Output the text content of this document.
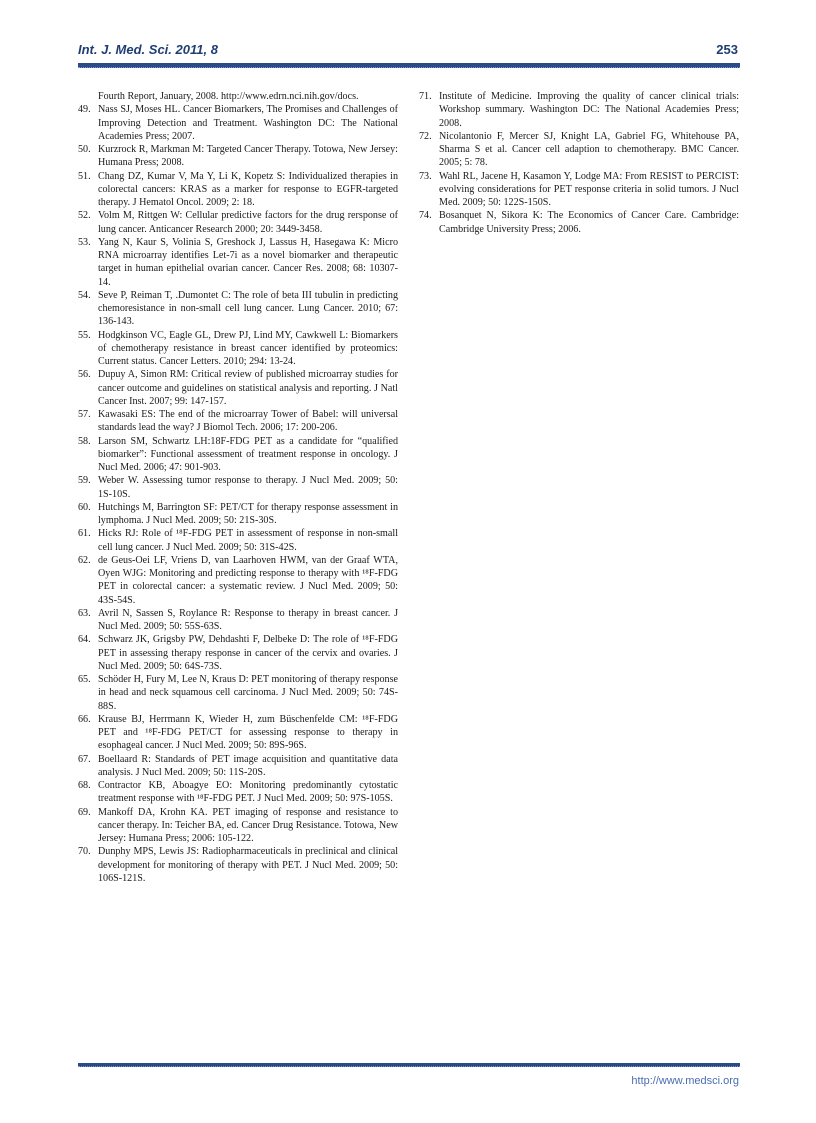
Int. J. Med. Sci. 2011, 8	253
Fourth Report, January, 2008. http://www.edrn.nci.nih.gov/docs.
49. Nass SJ, Moses HL. Cancer Biomarkers, The Promises and Challenges of Improving Detection and Treatment. Washington DC: The National Academies Press; 2007.
50. Kurzrock R, Markman M: Targeted Cancer Therapy. Totowa, New Jersey: Humana Press; 2008.
51. Chang DZ, Kumar V, Ma Y, Li K, Kopetz S: Individualized therapies in colorectal cancers: KRAS as a marker for response to EGFR-targeted therapy. J Hematol Oncol. 2009; 2: 18.
52. Volm M, Rittgen W: Cellular predictive factors for the drug rersponse of lung cancer. Anticancer Research 2000; 20: 3449-3458.
53. Yang N, Kaur S, Volinia S, Greshock J, Lassus H, Hasegawa K: Micro RNA microarray identifies Let-7i as a novel biomarker and therapeutic target in human epithelial ovarian cancer. Cancer Res. 2008; 68: 10307-14.
54. Seve P, Reiman T, .Dumontet C: The role of beta III tubulin in predicting chemoresistance in non-small cell lung cancer. Lung Cancer. 2010; 67: 136-143.
55. Hodgkinson VC, Eagle GL, Drew PJ, Lind MY, Cawkwell L: Biomarkers of chemotherapy resistance in breast cancer identified by proteomics: Current status. Cancer Letters. 2010; 294: 13-24.
56. Dupuy A, Simon RM: Critical review of published microarray studies for cancer outcome and guidelines on statistical analysis and reporting. J Natl Cancer Inst. 2007; 99: 147-157.
57. Kawasaki ES: The end of the microarray Tower of Babel: will universal standards lead the way? J Biomol Tech. 2006; 17: 200-206.
58. Larson SM, Schwartz LH:18F-FDG PET as a candidate for “qualified biomarker”: Functional assessment of treatment response in oncology. J Nucl Med. 2006; 47: 901-903.
59. Weber W. Assessing tumor response to therapy. J Nucl Med. 2009; 50: 1S-10S.
60. Hutchings M, Barrington SF: PET/CT for therapy response assessment in lymphoma. J Nucl Med. 2009; 50: 21S-30S.
61. Hicks RJ: Role of ¹⁸F-FDG PET in assessment of response in non-small cell lung cancer. J Nucl Med. 2009; 50: 31S-42S.
62. de Geus-Oei LF, Vriens D, van Laarhoven HWM, van der Graaf WTA, Oyen WJG: Monitoring and predicting response to therapy with ¹⁸F-FDG PET in colorectal cancer: a systematic review. J Nucl Med. 2009; 50: 43S-54S.
63. Avril N, Sassen S, Roylance R: Response to therapy in breast cancer. J Nucl Med. 2009; 50: 55S-63S.
64. Schwarz JK, Grigsby PW, Dehdashti F, Delbeke D: The role of ¹⁸F-FDG PET in assessing therapy response in cancer of the cervix and ovaries. J Nucl Med. 2009; 50: 64S-73S.
65. Schöder H, Fury M, Lee N, Kraus D: PET monitoring of therapy response in head and neck squamous cell carcinoma. J Nucl Med. 2009; 50: 74S-88S.
66. Krause BJ, Herrmann K, Wieder H, zum Büschenfelde CM: ¹⁸F-FDG PET and ¹⁸F-FDG PET/CT for assessing response to therapy in esophageal cancer. J Nucl Med. 2009; 50: 89S-96S.
67. Boellaard R: Standards of PET image acquisition and quantitative data analysis. J Nucl Med. 2009; 50: 11S-20S.
68. Contractor KB, Aboagye EO: Monitoring predominantly cytostatic treatment response with ¹⁸F-FDG PET. J Nucl Med. 2009; 50: 97S-105S.
69. Mankoff DA, Krohn KA. PET imaging of response and resistance to cancer therapy. In: Teicher BA, ed. Cancer Drug Resistance. Totowa, New Jersey: Humana Press; 2006: 105-122.
70. Dunphy MPS, Lewis JS: Radiopharmaceuticals in preclinical and clinical development for monitoring of therapy with PET. J Nucl Med. 2009; 50: 106S-121S.
71. Institute of Medicine. Improving the quality of cancer clinical trials: Workshop summary. Washington DC: The National Academies Press; 2008.
72. Nicolantonio F, Mercer SJ, Knight LA, Gabriel FG, Whitehouse PA, Sharma S et al. Cancer cell adaption to chemotherapy. BMC Cancer. 2005; 5: 78.
73. Wahl RL, Jacene H, Kasamon Y, Lodge MA: From RESIST to PERCIST: evolving considerations for PET response criteria in solid tumors. J Nucl Med. 2009; 50: 122S-150S.
74. Bosanquet N, Sikora K: The Economics of Cancer Care. Cambridge: Cambridge University Press; 2006.
http://www.medsci.org
